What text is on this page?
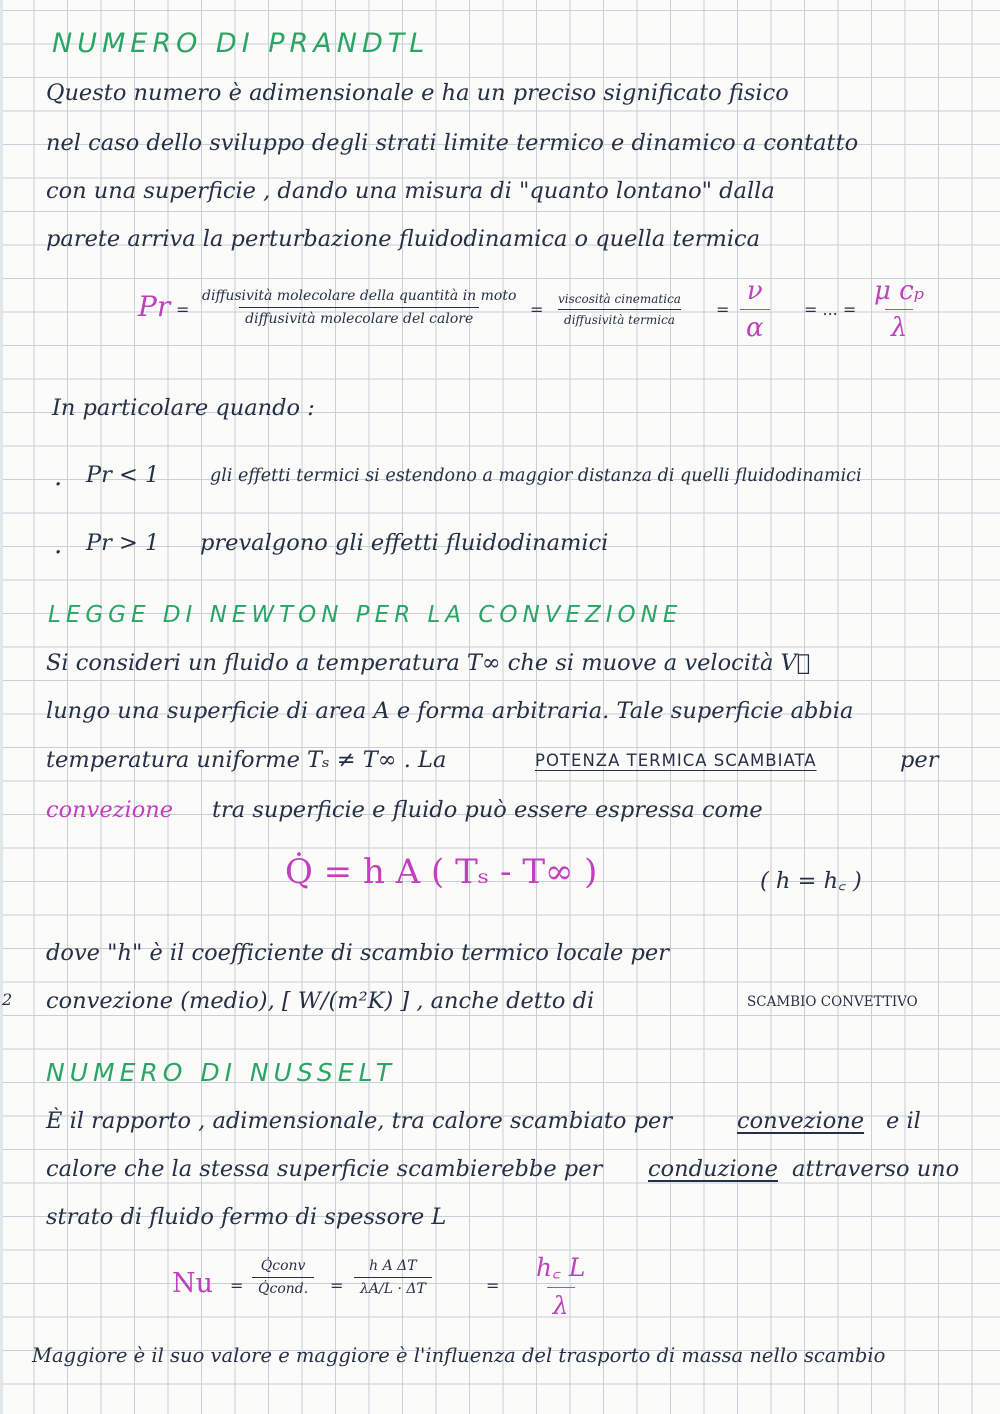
NUMERO DI PRANDTL
Questo numero è adimensionale e ha un preciso significato fisico
nel caso dello sviluppo degli strati limite termico e dinamico a contatto
con una superficie , dando una misura di "quanto lontano" dalla
parete arriva la perturbazione fluidodinamica o quella termica
Pr =
diffusività molecolare della quantità in moto
diffusività molecolare del calore	=
viscosità cinematica
diffusività termica
= $\frac{\nu}{\alpha}$ = ... = $\frac{\text{μ cₚ}}{\lambda}$
In particolare quando :
. Pr < 1	gli effetti termici si estendono a maggior distanza di quelli fluidodinamici
. Pr > 1 prevalgono gli effetti fluidodinamici
LEGGE DI NEWTON PER LA CONVEZIONE
Si consideri un fluido a temperatura T∞ che si muove a velocità V⃗
lungo una superficie di area A e forma arbitraria. Tale superficie abbia
temperatura uniforme Tₛ ≠ T∞ . La	POTENZA TERMICA SCAMBIATA	per
convezione tra superficie e fluido può essere espressa come
Q̇ = h A ( Tₛ - T∞ )	( h = h꜀ )
dove "h" è il coefficiente di scambio termico locale per
convezione (medio), [ W/(m²K) ] , anche detto di	SCAMBIO CONVETTIVO
NUMERO DI NUSSELT
È il rapporto , adimensionale, tra calore scambiato per	convezione e il
calore che la stessa superficie scambierebbe per conduzione attraverso uno
strato di fluido fermo di spessore L
Nu =
Q̇conv
Q̇cond.	= $\frac{\text{h A ΔT}}{\lambda A/L \cdot \Delta T}$	= $\frac{h꜀ L}{\lambda}$
Maggiore è il suo valore e maggiore è l'influenza del trasporto di massa nello scambio
2
